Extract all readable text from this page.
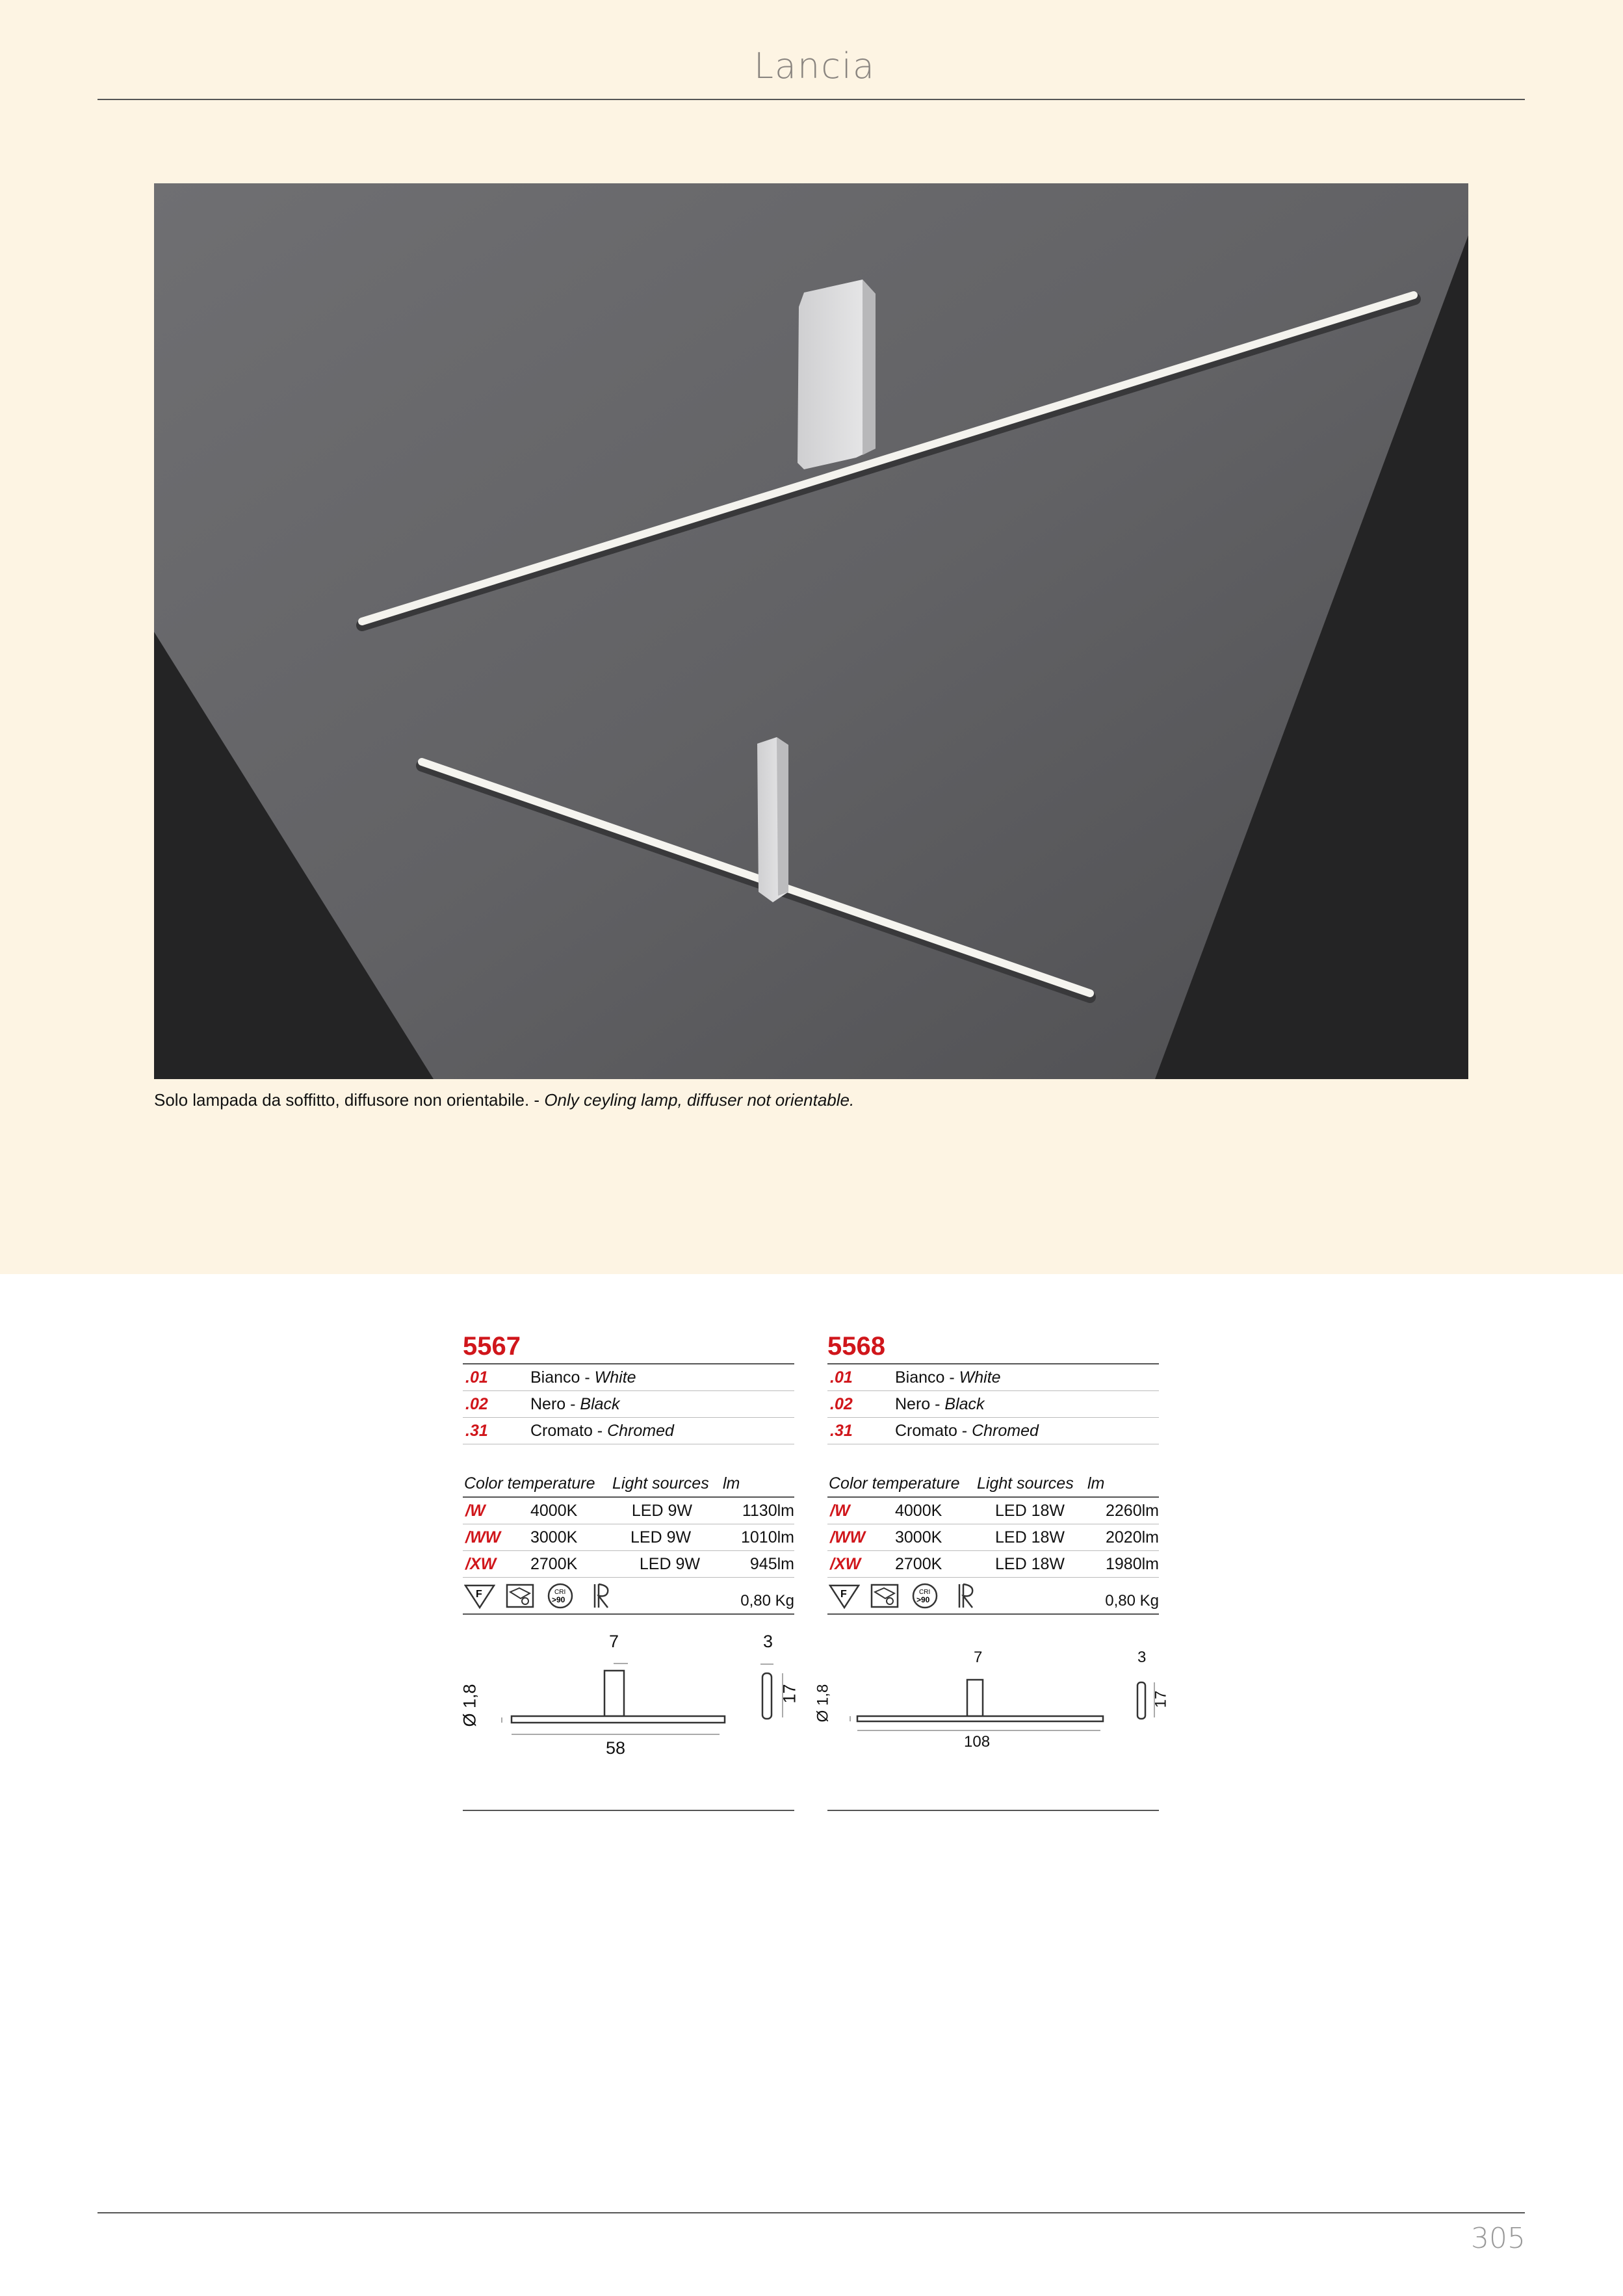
Lancia
Solo lampada da soffitto, diffusore non orientabile. - Only ceyling lamp, diffuser not orientable.
5567
.01	Bianco - White
.02	Nero - Black
.31	Cromato - Chromed
Color temperature	Light sources lm
/W	4000K	LED 9W	1130lm
/WW	3000K	LED 9W	1010lm
/XW	2700K	LED 9W	945lm
F	CRI
>90	0,80 Kg
7	3
17
58
Ø 1,8
5568
.01	Bianco - White
.02	Nero - Black
.31	Cromato - Chromed
Color temperature	Light sources lm
/W	4000K	LED 18W	2260lm
/WW	3000K	LED 18W	2020lm
/XW	2700K	LED 18W	1980lm
F	CRI
>90	0,80 Kg
7	3
17
108
Ø 1,8
305
